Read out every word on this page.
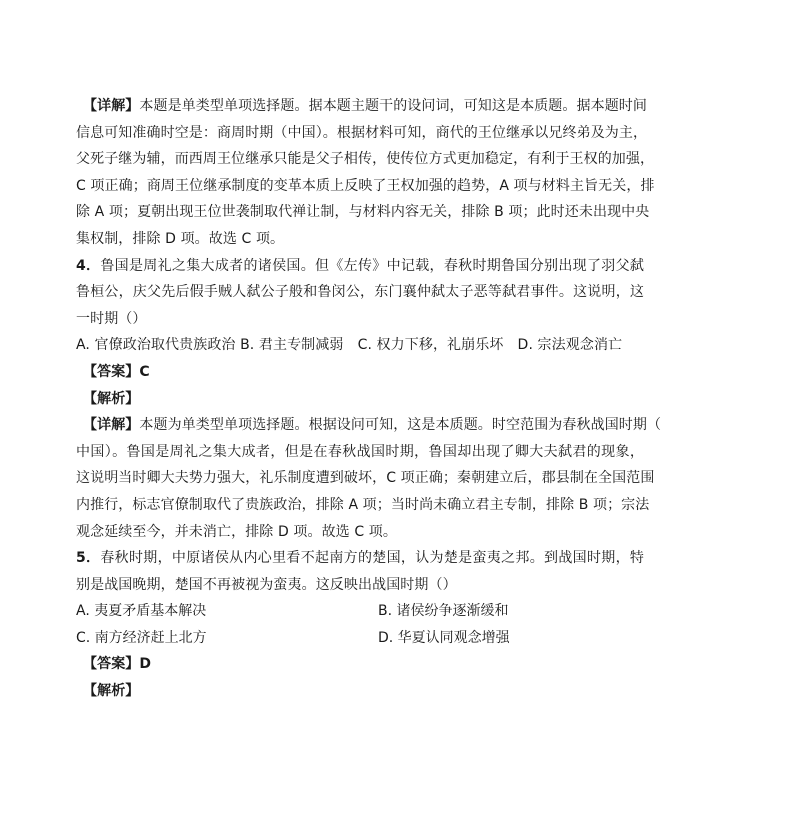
【详解】本题是单类型单项选择题。据本题主题干的设问词，可知这是本质题。据本题时间
信息可知准确时空是：商周时期（中国）。根据材料可知，商代的王位继承以兄终弟及为主，
父死子继为辅，而西周王位继承只能是父子相传，使传位方式更加稳定，有利于王权的加强，
C 项正确；商周王位继承制度的变革本质上反映了王权加强的趋势，A 项与材料主旨无关，排
除 A 项；夏朝出现王位世袭制取代禅让制，与材料内容无关，排除 B 项；此时还未出现中央
集权制，排除 D 项。故选 C 项。
4．鲁国是周礼之集大成者的诸侯国。但《左传》中记载，春秋时期鲁国分别出现了羽父弑
鲁桓公，庆父先后假手贼人弑公子般和鲁闵公，东门襄仲弑太子恶等弑君事件。这说明，这
一时期（）
A. 官僚政治取代贵族政治 B. 君主专制减弱　C. 权力下移，礼崩乐坏　D. 宗法观念消亡
【答案】C
【解析】
【详解】本题为单类型单项选择题。根据设问可知，这是本质题。时空范围为春秋战国时期（
中国）。鲁国是周礼之集大成者，但是在春秋战国时期，鲁国却出现了卿大夫弑君的现象，
这说明当时卿大夫势力强大，礼乐制度遭到破坏，C 项正确；秦朝建立后，郡县制在全国范围
内推行，标志官僚制取代了贵族政治，排除 A 项；当时尚未确立君主专制，排除 B 项；宗法
观念延续至今，并未消亡，排除 D 项。故选 C 项。
5．春秋时期，中原诸侯从内心里看不起南方的楚国，认为楚是蛮夷之邦。到战国时期，特
别是战国晚期，楚国不再被视为蛮夷。这反映出战国时期（）
A. 夷夏矛盾基本解决	B. 诸侯纷争逐渐缓和
C. 南方经济赶上北方	D. 华夏认同观念增强
【答案】D
【解析】
